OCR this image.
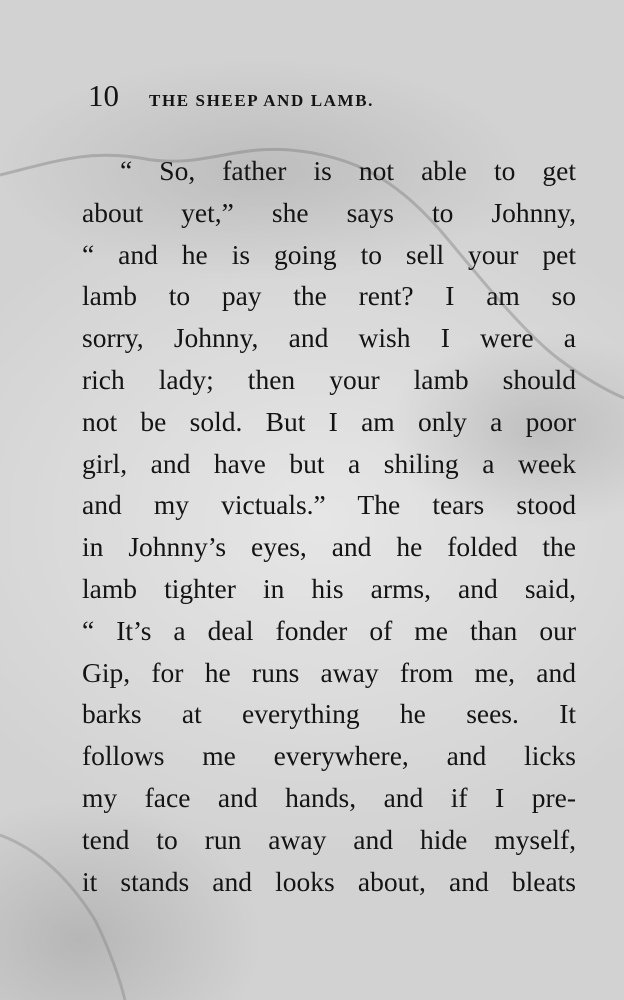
10 THE SHEEP AND LAMB.
“ So, father is not able to get
about yet,” she says to Johnny,
“ and he is going to sell your pet
lamb to pay the rent? I am so
sorry, Johnny, and wish I were a
rich lady; then your lamb should
not be sold. But I am only a poor
girl, and have but a shiling a week
and my victuals.” The tears stood
in Johnny’s eyes, and he folded the
lamb tighter in his arms, and said,
“ It’s a deal fonder of me than our
Gip, for he runs away from me, and
barks at everything he sees. It
follows me everywhere, and licks
my face and hands, and if I pre-
tend to run away and hide myself,
it stands and looks about, and bleats
